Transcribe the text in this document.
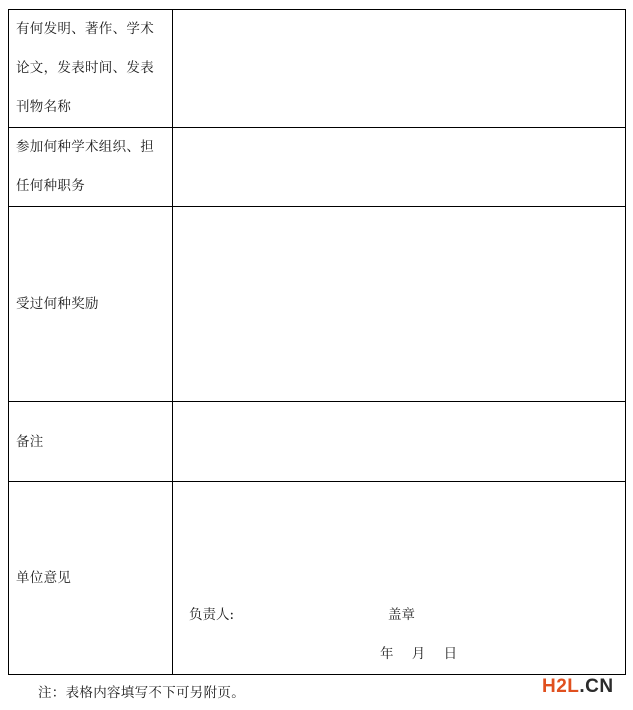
有何发明、著作、学术论文，发表时间、发表刊物名称	

参加何种学术组织、担任何种职务	

受过何种奖励	

备注	

单位意见	负责人: 盖章
年 月 日
注：表格内容填写不下可另附页。	H2L.CN
